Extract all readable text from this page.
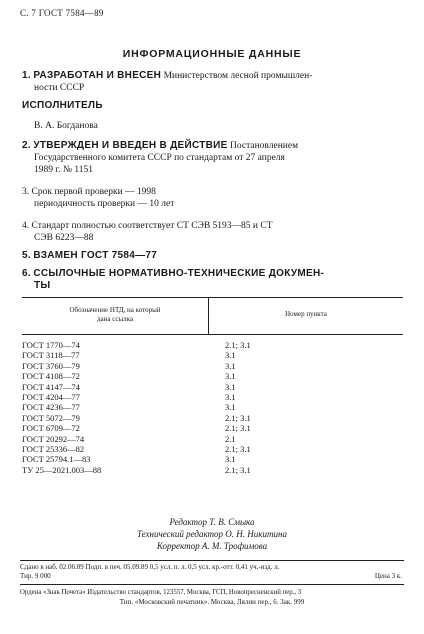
С. 7 ГОСТ 7584—89
ИНФОРМАЦИОННЫЕ ДАННЫЕ
1. РАЗРАБОТАН И ВНЕСЕН Министерством лесной промышлен-
ности СССР
ИСПОЛНИТЕЛЬ
В. А. Богданова
2. УТВЕРЖДЕН И ВВЕДЕН В ДЕЙСТВИЕ Постановлением
Государственного комитета СССР по стандартам от 27 апреля
1989 г. № 1151
3. Срок первой проверки — 1998
периодичность проверки — 10 лет
4. Стандарт полностью соответствует СТ СЭВ 5193—85 и СТ
СЭВ 6223—88
5. ВЗАМЕН ГОСТ 7584—77
6. ССЫЛОЧНЫЕ НОРМАТИВНО-ТЕХНИЧЕСКИЕ ДОКУМЕН-
ТЫ
Обозначение НТД, на который
дана ссылка
Номер пункта
ГОСТ 1770—74
ГОСТ 3118—77
ГОСТ 3760—79
ГОСТ 4108—72
ГОСТ 4147—74
ГОСТ 4204—77
ГОСТ 4236—77
ГОСТ 5072—79
ГОСТ 6709—72
ГОСТ 20292—74
ГОСТ 25336—82
ГОСТ 25794.1—83
ТУ 25—2021.003—88
2.1; 3.1
3.1
3.1
3.1
3.1
3.1
3.1
2.1; 3.1
2.1; 3.1
2.1
2.1; 3.1
3.1
2.1; 3.1
Редактор Т. В. Смыка
Технический редактор О. Н. Никитина
Корректор А. М. Трофимова
Сдано в наб. 02.06.89 Подп. в печ. 05.09.89 0,5 усл. п. л. 0,5 усл. кр.-отт. 0,41 уч.-изд. л.
Тир. 9 000	Цена 3 к.
Ордена «Знак Почета» Издательство стандартов, 123557, Москва, ГСП, Новопресненский пер., 3
Тип. «Московский печатник». Москва, Лялин пер., 6. Зак. 999
